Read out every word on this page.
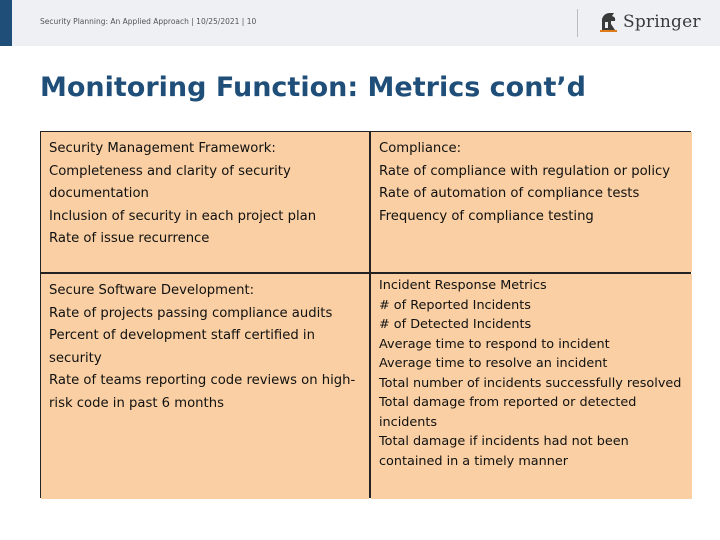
Security Planning: An Applied Approach | 10/25/2021 | 10	Springer
Monitoring Function: Metrics cont’d
Security Management Framework:
Completeness and clarity of security documentation
Inclusion of security in each project plan
Rate of issue recurrence
Compliance:
Rate of compliance with regulation or policy
Rate of automation of compliance tests
Frequency of compliance testing
Secure Software Development:
Rate of projects passing compliance audits
Percent of development staff certified in security
Rate of teams reporting code reviews on high-risk code in past 6 months
Incident Response Metrics
# of Reported Incidents
# of Detected Incidents
Average time to respond to incident
Average time to resolve an incident
Total number of incidents successfully resolved
Total damage from reported or detected incidents
Total damage if incidents had not been contained in a timely manner
